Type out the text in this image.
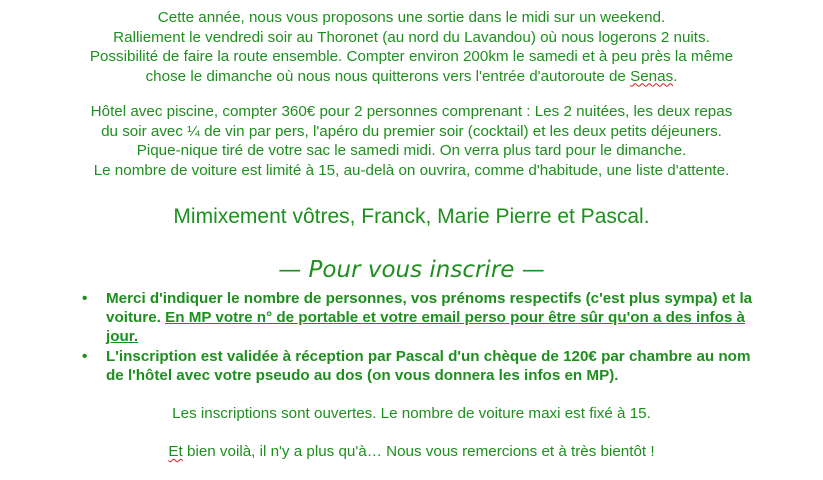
Cette année, nous vous proposons une sortie dans le midi sur un weekend.
Ralliement le vendredi soir au Thoronet (au nord du Lavandou) où nous logerons 2 nuits.
Possibilité de faire la route ensemble. Compter environ 200km le samedi et à peu près la même
chose le dimanche où nous nous quitterons vers l'entrée d'autoroute de Senas.

Hôtel avec piscine, compter 360€ pour 2 personnes comprenant : Les 2 nuitées, les deux repas
du soir avec ¼ de vin par pers, l'apéro du premier soir (cocktail) et les deux petits déjeuners.
Pique-nique tiré de votre sac le samedi midi. On verra plus tard pour le dimanche.
Le nombre de voiture est limité à 15, au-delà on ouvrira, comme d'habitude, une liste d'attente.

Mimixement vôtres, Franck, Marie Pierre et Pascal.

— Pour vous inscrire —

•	Merci d'indiquer le nombre de personnes, vos prénoms respectifs (c'est plus sympa) et la voiture. En MP votre n° de portable et votre email perso pour être sûr qu'on a des infos à jour.
•	L'inscription est validée à réception par Pascal d'un chèque de 120€ par chambre au nom de l'hôtel avec votre pseudo au dos (on vous donnera les infos en MP).

Les inscriptions sont ouvertes. Le nombre de voiture maxi est fixé à 15.

Et bien voilà, il n'y a plus qu'à… Nous vous remercions et à très bientôt !
